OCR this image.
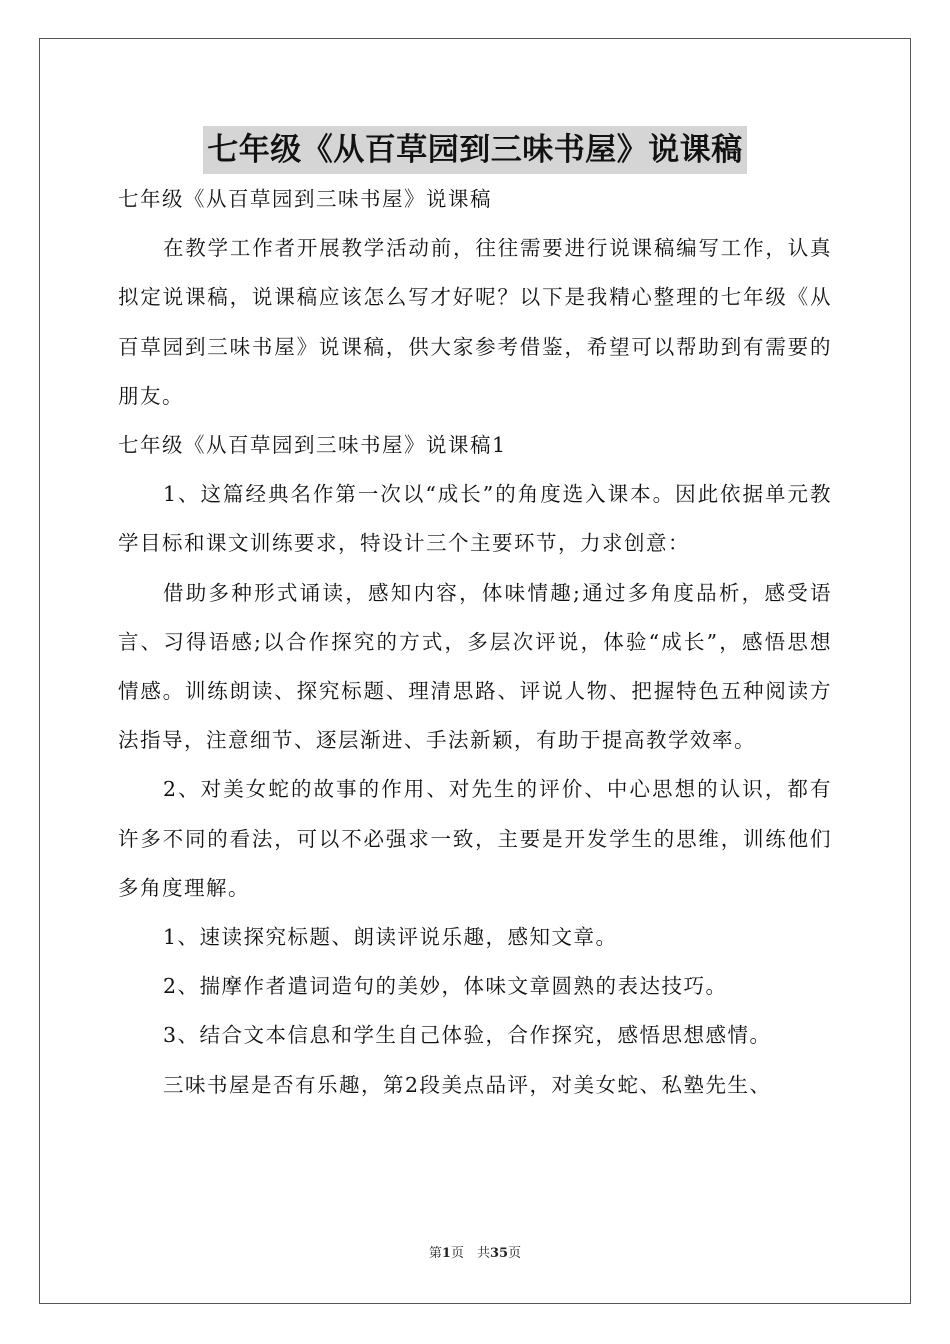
七年级《从百草园到三味书屋》说课稿

七年级《从百草园到三味书屋》说课稿

在教学工作者开展教学活动前，往往需要进行说课稿编写工作，认真拟定说课稿，说课稿应该怎么写才好呢？以下是我精心整理的七年级《从百草园到三味书屋》说课稿，供大家参考借鉴，希望可以帮助到有需要的朋友。

七年级《从百草园到三味书屋》说课稿1

1、这篇经典名作第一次以“成长”的角度选入课本。因此依据单元教学目标和课文训练要求，特设计三个主要环节，力求创意：

借助多种形式诵读，感知内容，体味情趣;通过多角度品析，感受语言、习得语感;以合作探究的方式，多层次评说，体验“成长”，感悟思想情感。训练朗读、探究标题、理清思路、评说人物、把握特色五种阅读方法指导，注意细节、逐层渐进、手法新颖，有助于提高教学效率。

2、对美女蛇的故事的作用、对先生的评价、中心思想的认识，都有许多不同的看法，可以不必强求一致，主要是开发学生的思维，训练他们多角度理解。

1、速读探究标题、朗读评说乐趣，感知文章。

2、揣摩作者遣词造句的美妙，体味文章圆熟的表达技巧。

3、结合文本信息和学生自己体验，合作探究，感悟思想感情。

三味书屋是否有乐趣，第2段美点品评，对美女蛇、私塾先生、

第1页　共35页
